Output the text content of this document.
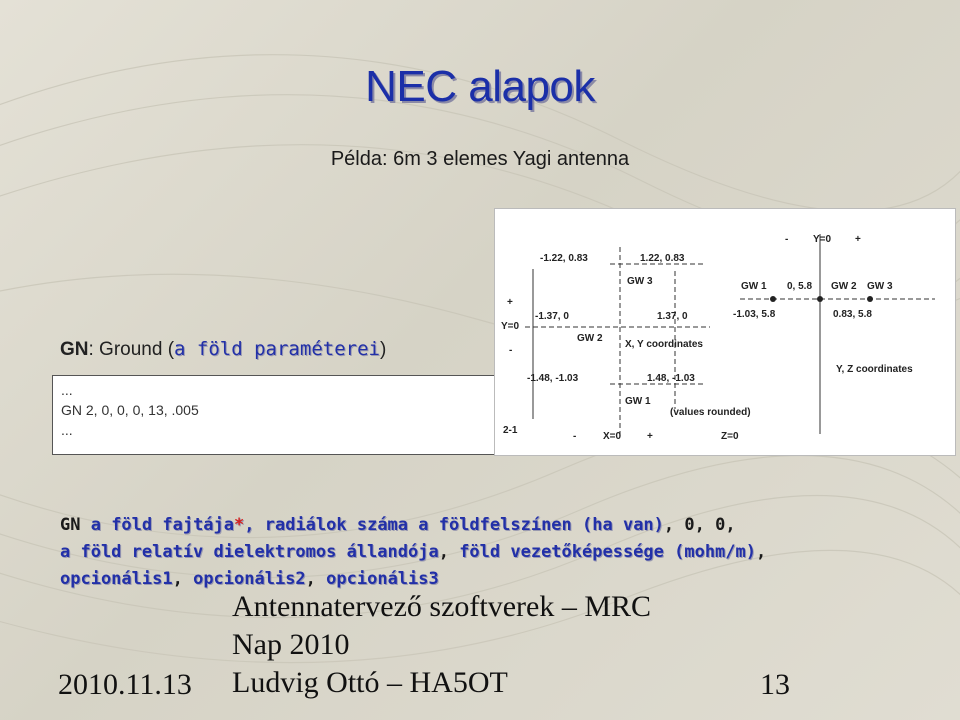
NEC alapok
Példa: 6m 3 elemes Yagi antenna
GN: Ground (a föld paraméterei)
...
GN 2, 0, 0, 0, 13, .005
...
-1.22, 0.83	1.22, 0.83
GW 3
-1.37, 0	1.37, 0
GW 2
X, Y coordinates
-1.48, -1.03	1.48, -1.03
GW 1
(values rounded)
+
Y=0
-
2-1
-	X=0	+	Z=0
- Y=0 +
GW 1 0, 5.8 GW 2 GW 3
-1.03, 5.8	0.83, 5.8
Y, Z coordinates
GN a föld fajtája*, radiálok száma a földfelszínen (ha van), 0, 0,
a föld relatív dielektromos állandója, föld vezetőképessége (mohm/m),
opcionális1, opcionális2, opcionális3
Antennatervező szoftverek – MRC
Nap 2010
Ludvig Ottó – HA5OT
2010.11.13	13
